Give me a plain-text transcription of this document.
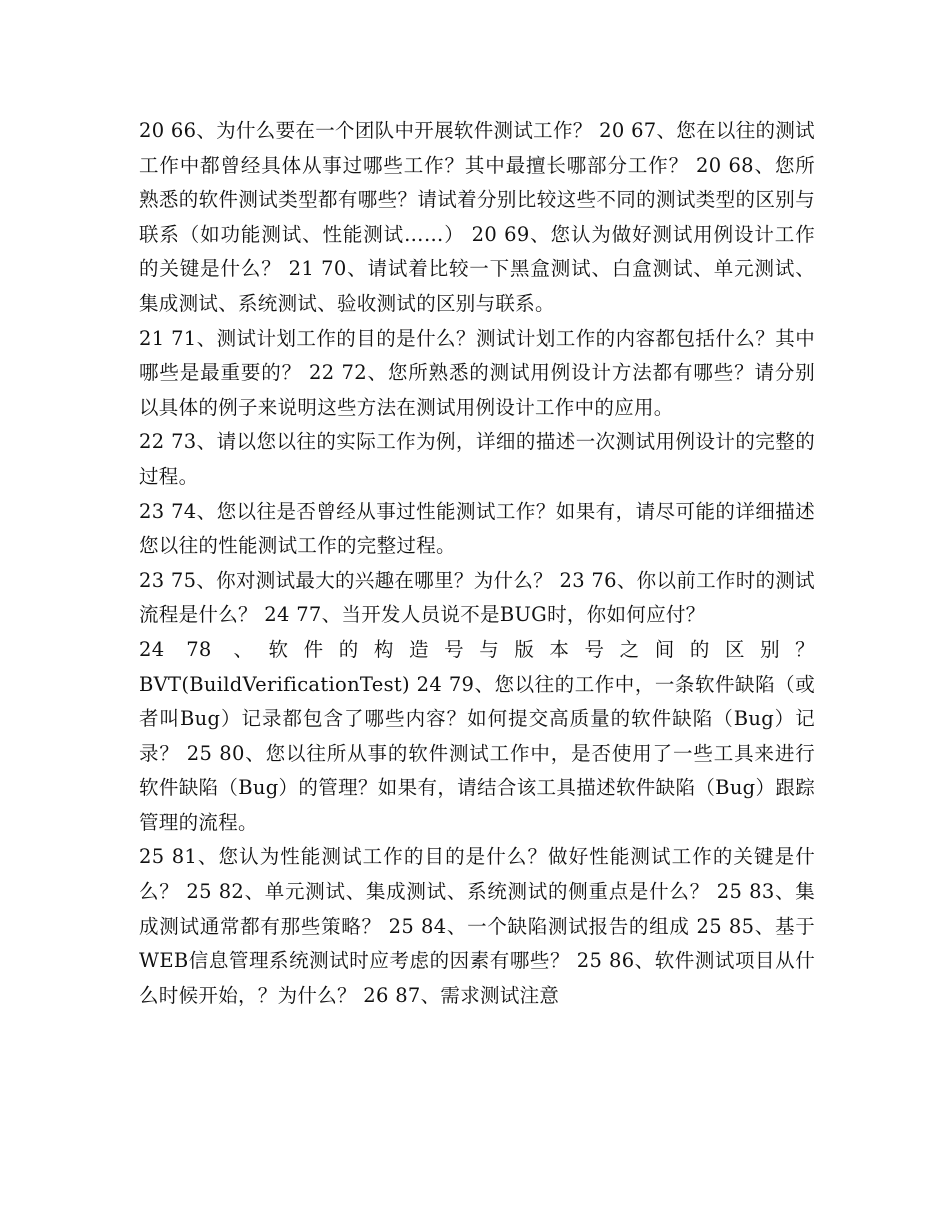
20 66、为什么要在一个团队中开展软件测试工作？ 20 67、您在以往的测试工作中都曾经具体从事过哪些工作？其中最擅长哪部分工作？ 20 68、您所熟悉的软件测试类型都有哪些？请试着分别比较这些不同的测试类型的区别与联系（如功能测试、性能测试……） 20 69、您认为做好测试用例设计工作的关键是什么？ 21 70、请试着比较一下黑盒测试、白盒测试、单元测试、集成测试、系统测试、验收测试的区别与联系。

21 71、测试计划工作的目的是什么？测试计划工作的内容都包括什么？其中哪些是最重要的？ 22 72、您所熟悉的测试用例设计方法都有哪些？请分别以具体的例子来说明这些方法在测试用例设计工作中的应用。

22 73、请以您以往的实际工作为例，详细的描述一次测试用例设计的完整的过程。

23 74、您以往是否曾经从事过性能测试工作？如果有，请尽可能的详细描述您以往的性能测试工作的完整过程。

23 75、你对测试最大的兴趣在哪里？为什么？ 23 76、你以前工作时的测试流程是什么？ 24 77、当开发人员说不是BUG时，你如何应付？

24 78 、软件的构造号与版本号之间的区别？

BVT(BuildVerificationTest) 24 79、您以往的工作中，一条软件缺陷（或者叫Bug）记录都包含了哪些内容？如何提交高质量的软件缺陷（Bug）记录？ 25 80、您以往所从事的软件测试工作中，是否使用了一些工具来进行软件缺陷（Bug）的管理？如果有，请结合该工具描述软件缺陷（Bug）跟踪管理的流程。

25 81、您认为性能测试工作的目的是什么？做好性能测试工作的关键是什么？ 25 82、单元测试、集成测试、系统测试的侧重点是什么？ 25 83、集成测试通常都有那些策略？ 25 84、一个缺陷测试报告的组成 25 85、基于WEB信息管理系统测试时应考虑的因素有哪些？ 25 86、软件测试项目从什么时候开始，？为什么？ 26 87、需求测试注意
